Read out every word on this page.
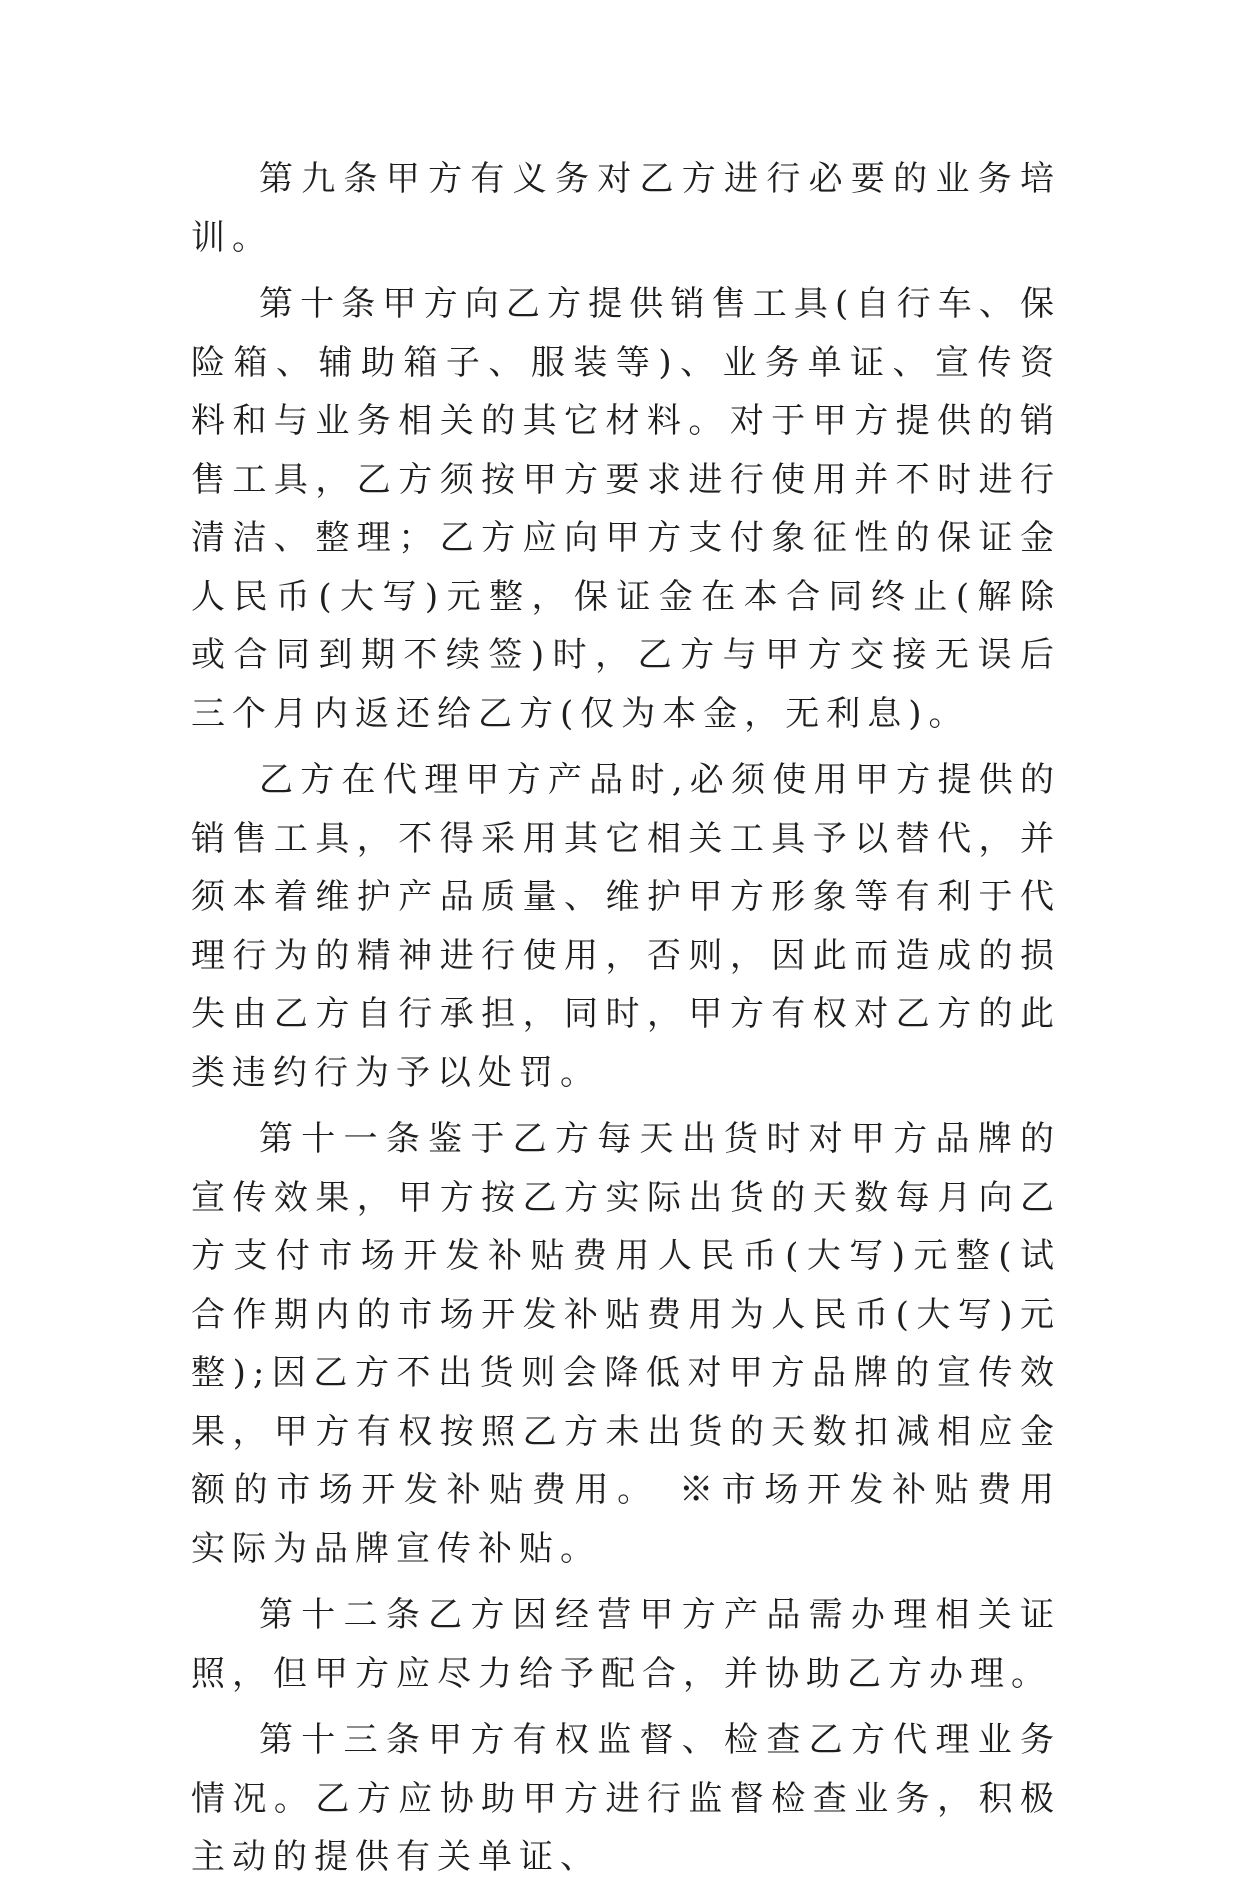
第九条甲方有义务对乙方进行必要的业务培训。

第十条甲方向乙方提供销售工具(自行车、保险箱、辅助箱子、服装等)、业务单证、宣传资料和与业务相关的其它材料。对于甲方提供的销售工具，乙方须按甲方要求进行使用并不时进行清洁、整理；乙方应向甲方支付象征性的保证金人民币(大写)元整，保证金在本合同终止(解除或合同到期不续签)时，乙方与甲方交接无误后三个月内返还给乙方(仅为本金，无利息)。

乙方在代理甲方产品时,必须使用甲方提供的销售工具，不得采用其它相关工具予以替代，并须本着维护产品质量、维护甲方形象等有利于代理行为的精神进行使用，否则，因此而造成的损失由乙方自行承担，同时，甲方有权对乙方的此类违约行为予以处罚。

第十一条鉴于乙方每天出货时对甲方品牌的宣传效果，甲方按乙方实际出货的天数每月向乙方支付市场开发补贴费用人民币(大写)元整(试合作期内的市场开发补贴费用为人民币(大写)元整);因乙方不出货则会降低对甲方品牌的宣传效果，甲方有权按照乙方未出货的天数扣减相应金额的市场开发补贴费用。 ※市场开发补贴费用实际为品牌宣传补贴。

第十二条乙方因经营甲方产品需办理相关证照，但甲方应尽力给予配合，并协助乙方办理。

第十三条甲方有权监督、检查乙方代理业务情况。乙方应协助甲方进行监督检查业务，积极主动的提供有关单证、
